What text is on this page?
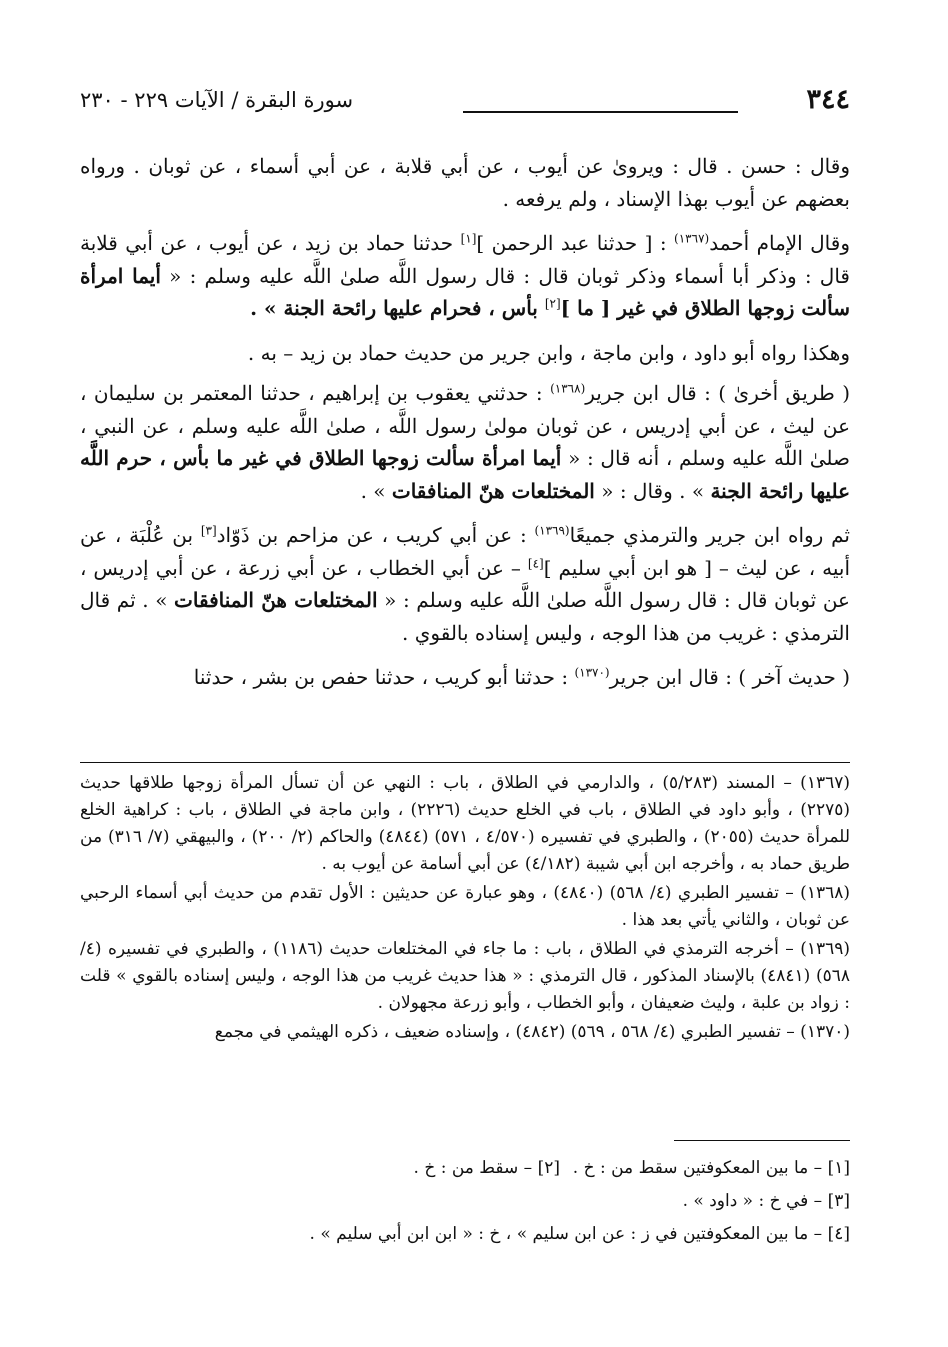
٣٤٤
سورة البقرة / الآيات ٢٢٩ - ٢٣٠

وقال : حسن . قال : ويروىٰ عن أيوب ، عن أبي قلابة ، عن أبي أسماء ، عن ثوبان . ورواه بعضهم عن أيوب بهذا الإسناد ، ولم يرفعه .

وقال الإمام أحمد$^{(١٣٦٧)}$ : [ حدثنا عبد الرحمن ][١] حدثنا حماد بن زيد ، عن أيوب ، عن أبي قلابة قال : وذكر أبا أسماء وذكر ثوبان قال : قال رسول اللَّه صلىٰ اللَّه عليه وسلم : « أيما امرأة سألت زوجها الطلاق في غير [ ما ][٢] بأس ، فحرام عليها رائحة الجنة » .

وهكذا رواه أبو داود ، وابن ماجة ، وابن جرير من حديث حماد بن زيد – به .

( طريق أخرىٰ ) : قال ابن جرير$^{(١٣٦٨)}$ : حدثني يعقوب بن إبراهيم ، حدثنا المعتمر بن سليمان ، عن ليث ، عن أبي إدريس ، عن ثوبان مولىٰ رسول اللَّه ، صلىٰ اللَّه عليه وسلم ، عن النبي ، صلىٰ اللَّه عليه وسلم ، أنه قال : « أيما امرأة سألت زوجها الطلاق في غير ما بأس ، حرم اللَّه عليها رائحة الجنة » . وقال : « المختلعات هنّ المنافقات » .

ثم رواه ابن جرير والترمذي جميعًا$^{(١٣٦٩)}$ : عن أبي كريب ، عن مزاحم بن ذَوّاد[٣] بن عُلْبَة ، عن أبيه ، عن ليث – [ هو ابن أبي سليم ][٤] – عن أبي الخطاب ، عن أبي زرعة ، عن أبي إدريس ، عن ثوبان قال : قال رسول اللَّه صلىٰ اللَّه عليه وسلم : « المختلعات هنّ المنافقات » . ثم قال الترمذي : غريب من هذا الوجه ، وليس إسناده بالقوي .

( حديث آخر ) : قال ابن جرير$^{(١٣٧٠)}$ : حدثنا أبو كريب ، حدثنا حفص بن بشر ، حدثنا

(١٣٦٧) – المسند (٥/٢٨٣) ، والدارمي في الطلاق ، باب : النهي عن أن تسأل المرأة زوجها طلاقها حديث (٢٢٧٥) ، وأبو داود في الطلاق ، باب في الخلع حديث (٢٢٢٦) ، وابن ماجة في الطلاق ، باب : كراهية الخلع للمرأة حديث (٢٠٥٥) ، والطبري في تفسيره (٤/٥٧٠ ، ٥٧١) (٤٨٤٤) والحاكم (٢/ ٢٠٠) ، والبيهقي (٧/ ٣١٦) من طريق حماد به ، وأخرجه ابن أبي شيبة (٤/١٨٢) عن أبي أسامة عن أيوب به .

(١٣٦٨) – تفسير الطبري (٤/ ٥٦٨) (٤٨٤٠) ، وهو عبارة عن حديثين : الأول تقدم من حديث أبي أسماء الرحبي عن ثوبان ، والثاني يأتي بعد هذا .

(١٣٦٩) – أخرجه الترمذي في الطلاق ، باب : ما جاء في المختلعات حديث (١١٨٦) ، والطبري في تفسيره (٤/ ٥٦٨) (٤٨٤١) بالإسناد المذكور ، قال الترمذي : « هذا حديث غريب من هذا الوجه ، وليس إسناده بالقوي » قلت : زواد بن علبة ، وليث ضعيفان ، وأبو الخطاب ، وأبو زرعة مجهولان .

(١٣٧٠) – تفسير الطبري (٤/ ٥٦٨ ، ٥٦٩) (٤٨٤٢) ، وإسناده ضعيف ، ذكره الهيثمي في مجمع

[١] – ما بين المعكوفتين سقط من : خ .
[٢] – سقط من : خ .
[٣] – في خ : « داود » .
[٤] – ما بين المعكوفتين في ز : عن ابن سليم » ، خ : « ابن ابن أبي سليم » .
